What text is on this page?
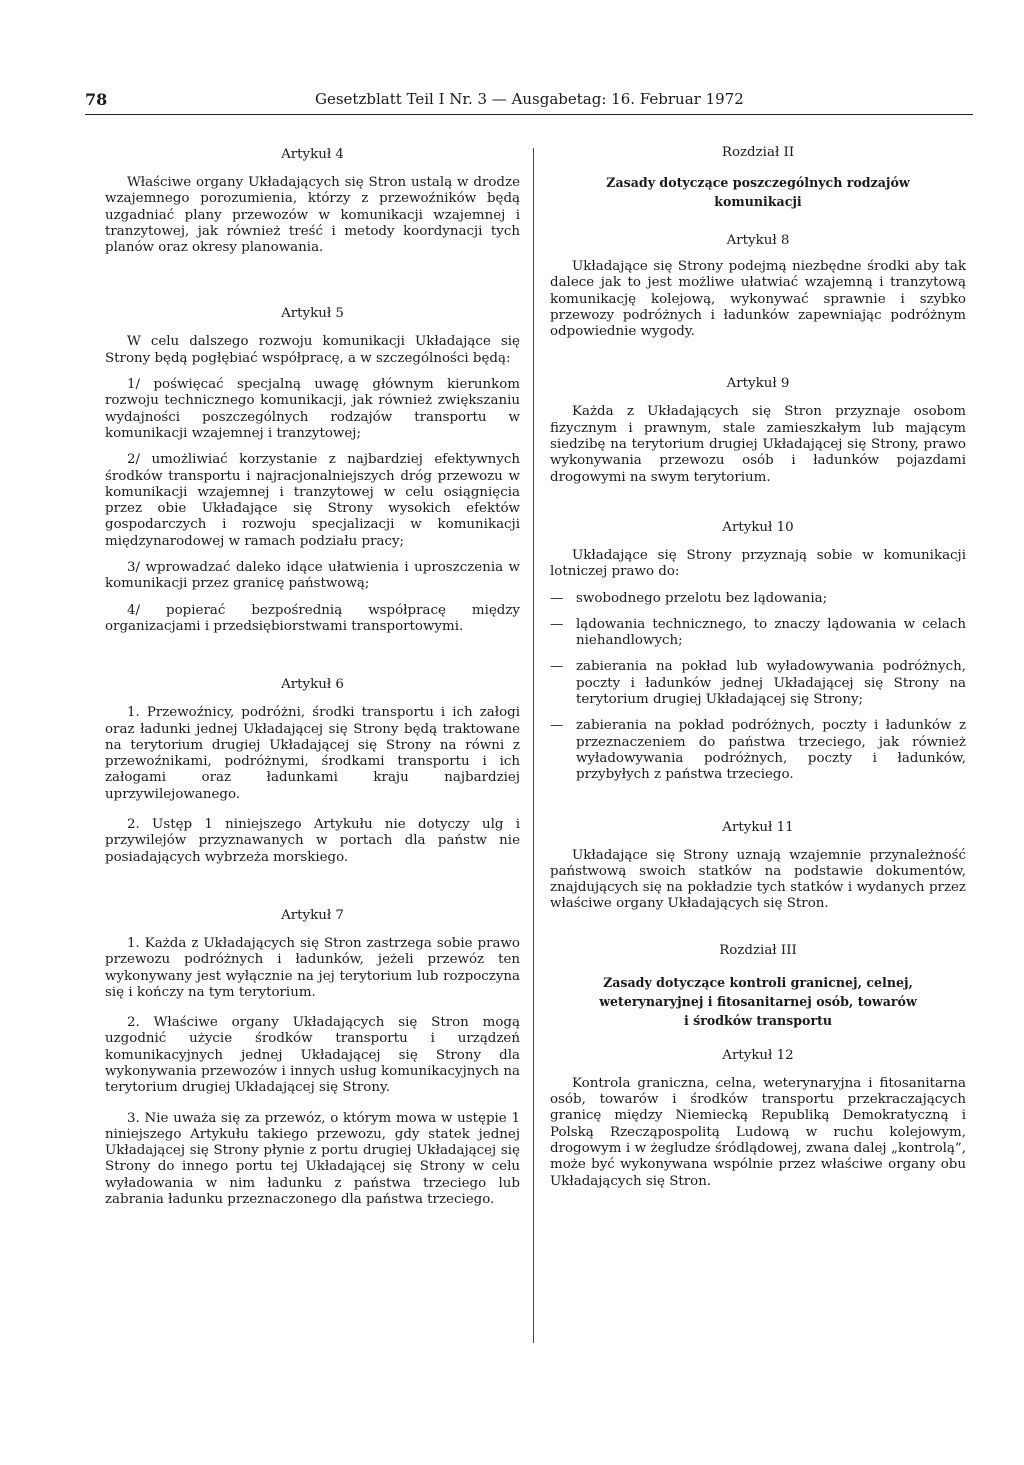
78	Gesetzblatt Teil I Nr. 3 — Ausgabetag: 16. Februar 1972

Artykuł 4

Właściwe organy Układających się Stron ustalą w drodze wzajemnego porozumienia, którzy z przewoźników będą uzgadniać plany przewozów w komunikacji wzajemnej i tranzytowej, jak również treść i metody koordynacji tych planów oraz okresy planowania.

Artykuł 5

W celu dalszego rozwoju komunikacji Układające się Strony będą pogłębiać współpracę, a w szczególności będą:

1/ poświęcać specjalną uwagę głównym kierunkom rozwoju technicznego komunikacji, jak również zwiększaniu wydajności poszczególnych rodzajów transportu w komunikacji wzajemnej i tranzytowej;

2/ umożliwiać korzystanie z najbardziej efektywnych środków transportu i najracjonalniejszych dróg przewozu w komunikacji wzajemnej i tranzytowej w celu osiągnięcia przez obie Układające się Strony wysokich efektów gospodarczych i rozwoju specjalizacji w komunikacji międzynarodowej w ramach podziału pracy;

3/ wprowadzać daleko idące ułatwienia i uproszczenia w komunikacji przez granicę państwową;

4/ popierać bezpośrednią współpracę między organizacjami i przedsiębiorstwami transportowymi.

Artykuł 6

1. Przewoźnicy, podróżni, środki transportu i ich załogi oraz ładunki jednej Układającej się Strony będą traktowane na terytorium drugiej Układającej się Strony na równi z przewoźnikami, podróżnymi, środkami transportu i ich załogami oraz ładunkami kraju najbardziej uprzywilejowanego.

2. Ustęp 1 niniejszego Artykułu nie dotyczy ulg i przywilejów przyznawanych w portach dla państw nie posiadających wybrzeża morskiego.

Artykuł 7

1. Każda z Układających się Stron zastrzega sobie prawo przewozu podróżnych i ładunków, jeżeli przewóz ten wykonywany jest wyłącznie na jej terytorium lub rozpoczyna się i kończy na tym terytorium.

2. Właściwe organy Układających się Stron mogą uzgodnić użycie środków transportu i urządzeń komunikacyjnych jednej Układającej się Strony dla wykonywania przewozów i innych usług komunikacyjnych na terytorium drugiej Układającej się Strony.

3. Nie uważa się za przewóz, o którym mowa w ustępie 1 niniejszego Artykułu takiego przewozu, gdy statek jednej Układającej się Strony płynie z portu drugiej Układającej się Strony do innego portu tej Układającej się Strony w celu wyładowania w nim ładunku z państwa trzeciego lub zabrania ładunku przeznaczonego dla państwa trzeciego.

Rozdział II

Zasady dotyczące poszczególnych rodzajów

komunikacji

Artykuł 8

Układające się Strony podejmą niezbędne środki aby tak dalece jak to jest możliwe ułatwiać wzajemną i tranzytową komunikację kolejową, wykonywać sprawnie i szybko przewozy podróżnych i ładunków zapewniając podróżnym odpowiednie wygody.

Artykuł 9

Każda z Układających się Stron przyznaje osobom fizycznym i prawnym, stale zamieszkałym lub mającym siedzibę na terytorium drugiej Układającej się Strony, prawo wykonywania przewozu osób i ładunków pojazdami drogowymi na swym terytorium.

Artykuł 10

Układające się Strony przyznają sobie w komunikacji lotniczej prawo do:

— swobodnego przelotu bez lądowania;

— lądowania technicznego, to znaczy lądowania w celach niehandlowych;

— zabierania na pokład lub wyładowywania podróżnych, poczty i ładunków jednej Układającej się Strony na terytorium drugiej Układającej się Strony;

— zabierania na pokład podróżnych, poczty i ładunków z przeznaczeniem do państwa trzeciego, jak również wyładowywania podróżnych, poczty i ładunków, przybyłych z państwa trzeciego.

Artykuł 11

Układające się Strony uznają wzajemnie przynależność państwową swoich statków na podstawie dokumentów, znajdujących się na pokładzie tych statków i wydanych przez właściwe organy Układających się Stron.

Rozdział III

Zasady dotyczące kontroli granicnej, celnej,

weterynaryjnej i fitosanitarnej osób, towarów

i środków transportu

Artykuł 12

Kontrola graniczna, celna, weterynaryjna i fitosanitarna osób, towarów i środków transportu przekraczających granicę między Niemiecką Republiką Demokratyczną i Polską Rzecząpospolitą Ludową w ruchu kolejowym, drogowym i w żegludze śródlądowej, zwana dalej „kontrolą”, może być wykonywana wspólnie przez właściwe organy obu Układających się Stron.
